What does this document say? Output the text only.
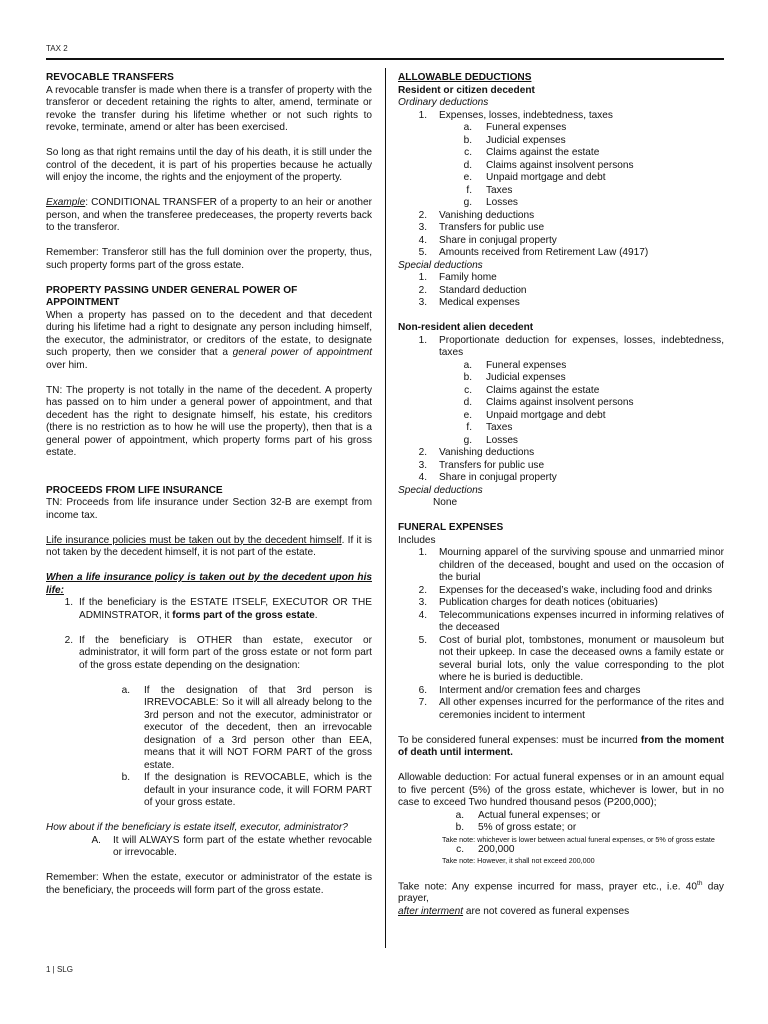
TAX 2

REVOCABLE TRANSFERS

A revocable transfer is made when there is a transfer of property with the transferor or decedent retaining the rights to alter, amend, terminate or revoke the transfer during his lifetime whether or not such rights to revoke, terminate, amend or alter has been exercised.

So long as that right remains until the day of his death, it is still under the control of the decedent, it is part of his properties because he actually will enjoy the income, the rights and the enjoyment of the property.

Example: CONDITIONAL TRANSFER of a property to an heir or another person, and when the transferee predeceases, the property reverts back to the transferor.

Remember: Transferor still has the full dominion over the property, thus, such property forms part of the gross estate.

PROPERTY PASSING UNDER GENERAL POWER OF APPOINTMENT

When a property has passed on to the decedent and that decedent during his lifetime had a right to designate any person including himself, the executor, the administrator, or creditors of the estate, to designate such property, then we consider that a general power of appointment over him.

TN: The property is not totally in the name of the decedent. A property has passed on to him under a general power of appointment, and that decedent has the right to designate himself, his estate, his creditors (there is no restriction as to how he will use the property), then that is a general power of appointment, which property forms part of his gross estate.

PROCEEDS FROM LIFE INSURANCE

TN: Proceeds from life insurance under Section 32-B are exempt from income tax.

Life insurance policies must be taken out by the decedent himself. If it is not taken by the decedent himself, it is not part of the estate.

When a life insurance policy is taken out by the decedent upon his life:

1. If the beneficiary is the ESTATE ITSELF, EXECUTOR OR THE ADMINSTRATOR, it forms part of the gross estate.
2. If the beneficiary is OTHER than estate, executor or administrator, it will form part of the gross estate or not form part of the gross estate depending on the designation:
a.	If the designation of that 3rd person is IRREVOCABLE: So it will all already belong to the 3rd person and not the executor, administrator or executor of the decedent, then an irrevocable designation of a 3rd person other than EEA, means that it will NOT FORM PART of the gross estate.
b.	If the designation is REVOCABLE, which is the default in your insurance code, it will FORM PART of your gross estate.

How about if the beneficiary is estate itself, executor, administrator?

A.	It will ALWAYS form part of the estate whether revocable or irrevocable.

Remember: When the estate, executor or administrator of the estate is the beneficiary, the proceeds will form part of the gross estate.

ALLOWABLE DEDUCTIONS

Resident or citizen decedent

Ordinary deductions

1.	Expenses, losses, indebtedness, taxes
a.	Funeral expenses
b.	Judicial expenses
c.	Claims against the estate
d.	Claims against insolvent persons
e.	Unpaid mortgage and debt
f.	Taxes
g.	Losses
2.	Vanishing deductions
3.	Transfers for public use
4.	Share in conjugal property
5.	Amounts received from Retirement Law (4917)

Special deductions

1.	Family home
2.	Standard deduction
3.	Medical expenses

Non-resident alien decedent

1.	Proportionate deduction for expenses, losses, indebtedness, taxes
a.	Funeral expenses
b.	Judicial expenses
c.	Claims against the estate
d.	Claims against insolvent persons
e.	Unpaid mortgage and debt
f.	Taxes
g.	Losses
2.	Vanishing deductions
3.	Transfers for public use
4.	Share in conjugal property

Special deductions

None

FUNERAL EXPENSES

Includes

1.	Mourning apparel of the surviving spouse and unmarried minor children of the deceased, bought and used on the occasion of the burial
2.	Expenses for the deceased’s wake, including food and drinks
3.	Publication charges for death notices (obituaries)
4.	Telecommunications expenses incurred in informing relatives of the deceased
5.	Cost of burial plot, tombstones, monument or mausoleum but not their upkeep. In case the deceased owns a family estate or several burial lots, only the value corresponding to the plot where he is buried is deductible.
6.	Interment and/or cremation fees and charges
7.	All other expenses incurred for the performance of the rites and ceremonies incident to interment

To be considered funeral expenses: must be incurred from the moment of death until interment.

Allowable deduction: For actual funeral expenses or in an amount equal to five percent (5%) of the gross estate, whichever is lower, but in no case to exceed Two hundred thousand pesos (P200,000);

a.	Actual funeral expenses; or
b.	5% of gross estate; or

Take note: whichever is lower between actual funeral expenses, or 5% of gross estate

c.	200,000

Take note: However, it shall not exceed 200,000

Take note: Any expense incurred for mass, prayer etc., i.e. 40th day prayer,
after interment are not covered as funeral expenses

1 | SLG
